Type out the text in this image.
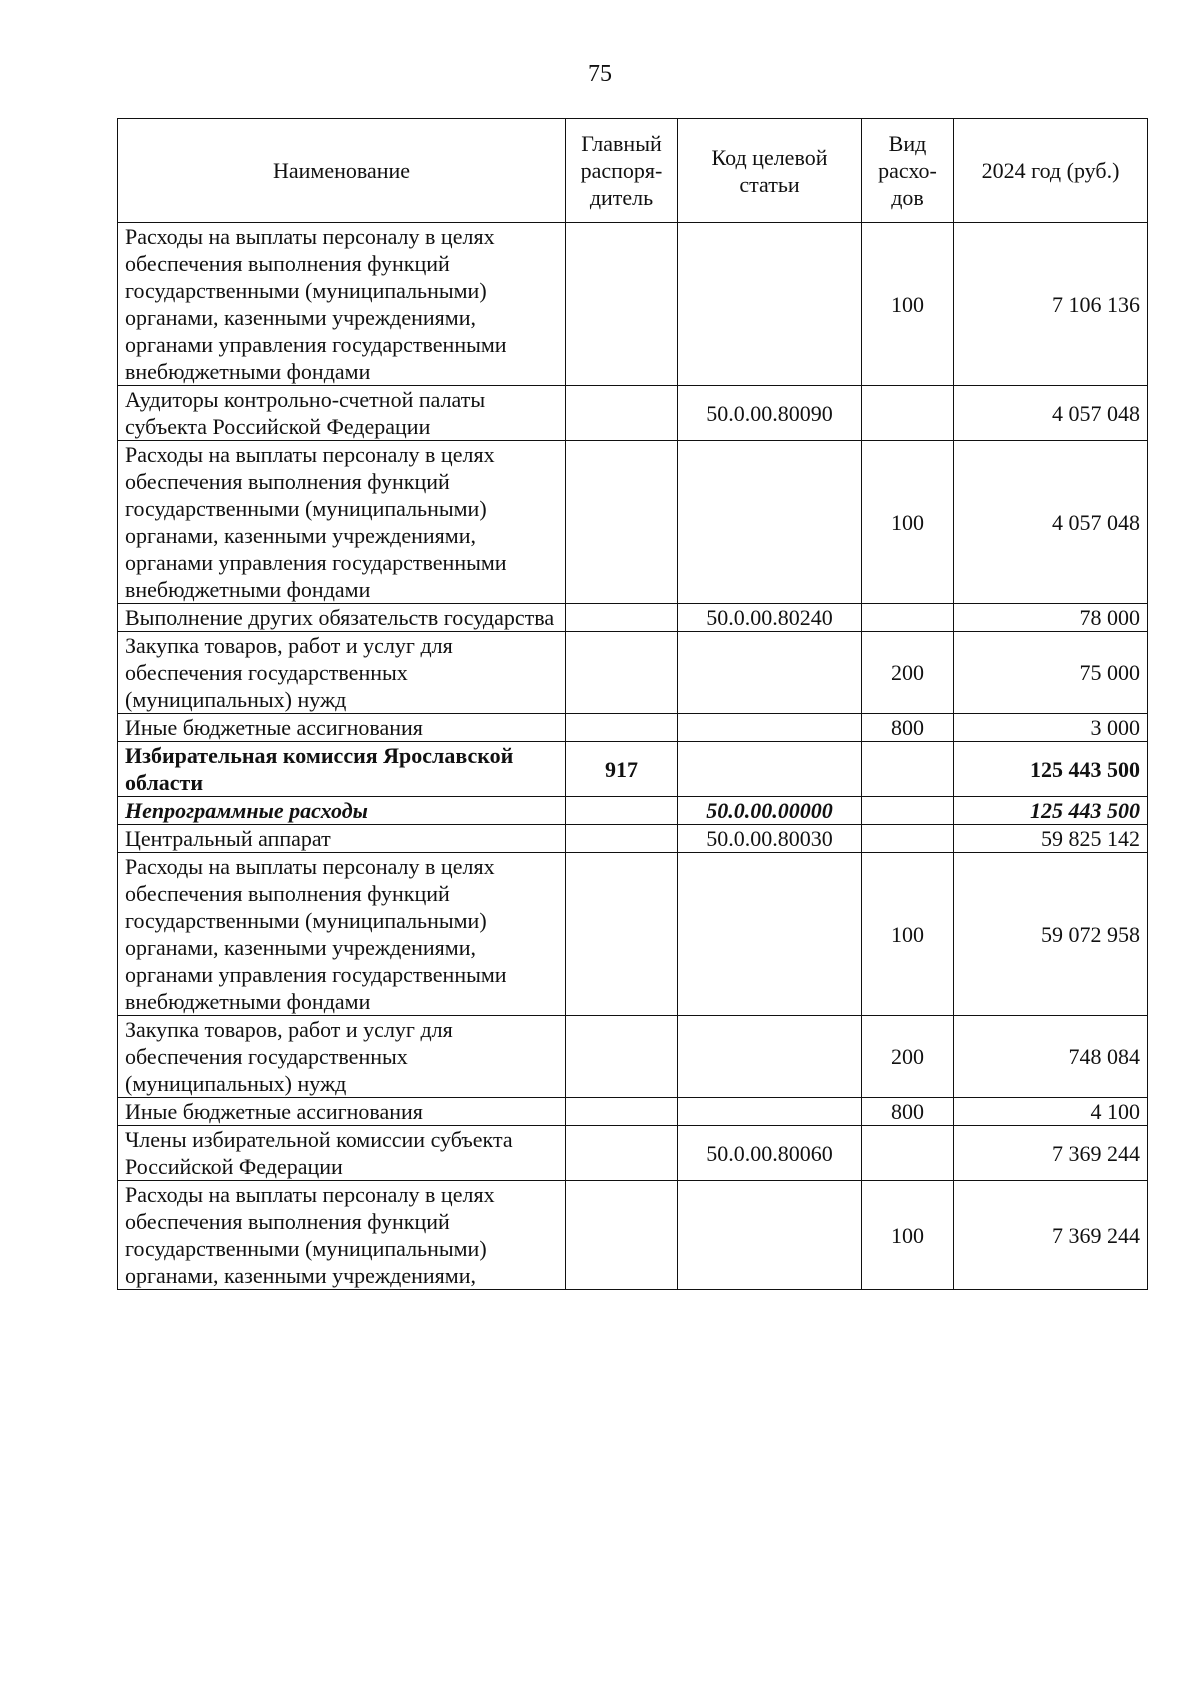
75
Наименование	Главный распоря-дитель	Код целевой статьи	Вид расхо-дов	2024 год (руб.)
Расходы на выплаты персоналу в целях обеспечения выполнения функций государственными (муниципальными) органами, казенными учреждениями, органами управления государственными внебюджетными фондами			100	7 106 136
Аудиторы контрольно-счетной палаты субъекта Российской Федерации		50.0.00.80090		4 057 048
Расходы на выплаты персоналу в целях обеспечения выполнения функций государственными (муниципальными) органами, казенными учреждениями, органами управления государственными внебюджетными фондами			100	4 057 048
Выполнение других обязательств государства		50.0.00.80240		78 000
Закупка товаров, работ и услуг для обеспечения государственных (муниципальных) нужд			200	75 000
Иные бюджетные ассигнования			800	3 000
Избирательная комиссия Ярославской области	917			125 443 500
Непрограммные расходы		50.0.00.00000		125 443 500
Центральный аппарат		50.0.00.80030		59 825 142
Расходы на выплаты персоналу в целях обеспечения выполнения функций государственными (муниципальными) органами, казенными учреждениями, органами управления государственными внебюджетными фондами			100	59 072 958
Закупка товаров, работ и услуг для обеспечения государственных (муниципальных) нужд			200	748 084
Иные бюджетные ассигнования			800	4 100
Члены избирательной комиссии субъекта Российской Федерации		50.0.00.80060		7 369 244
Расходы на выплаты персоналу в целях обеспечения выполнения функций государственными (муниципальными) органами, казенными учреждениями,			100	7 369 244
